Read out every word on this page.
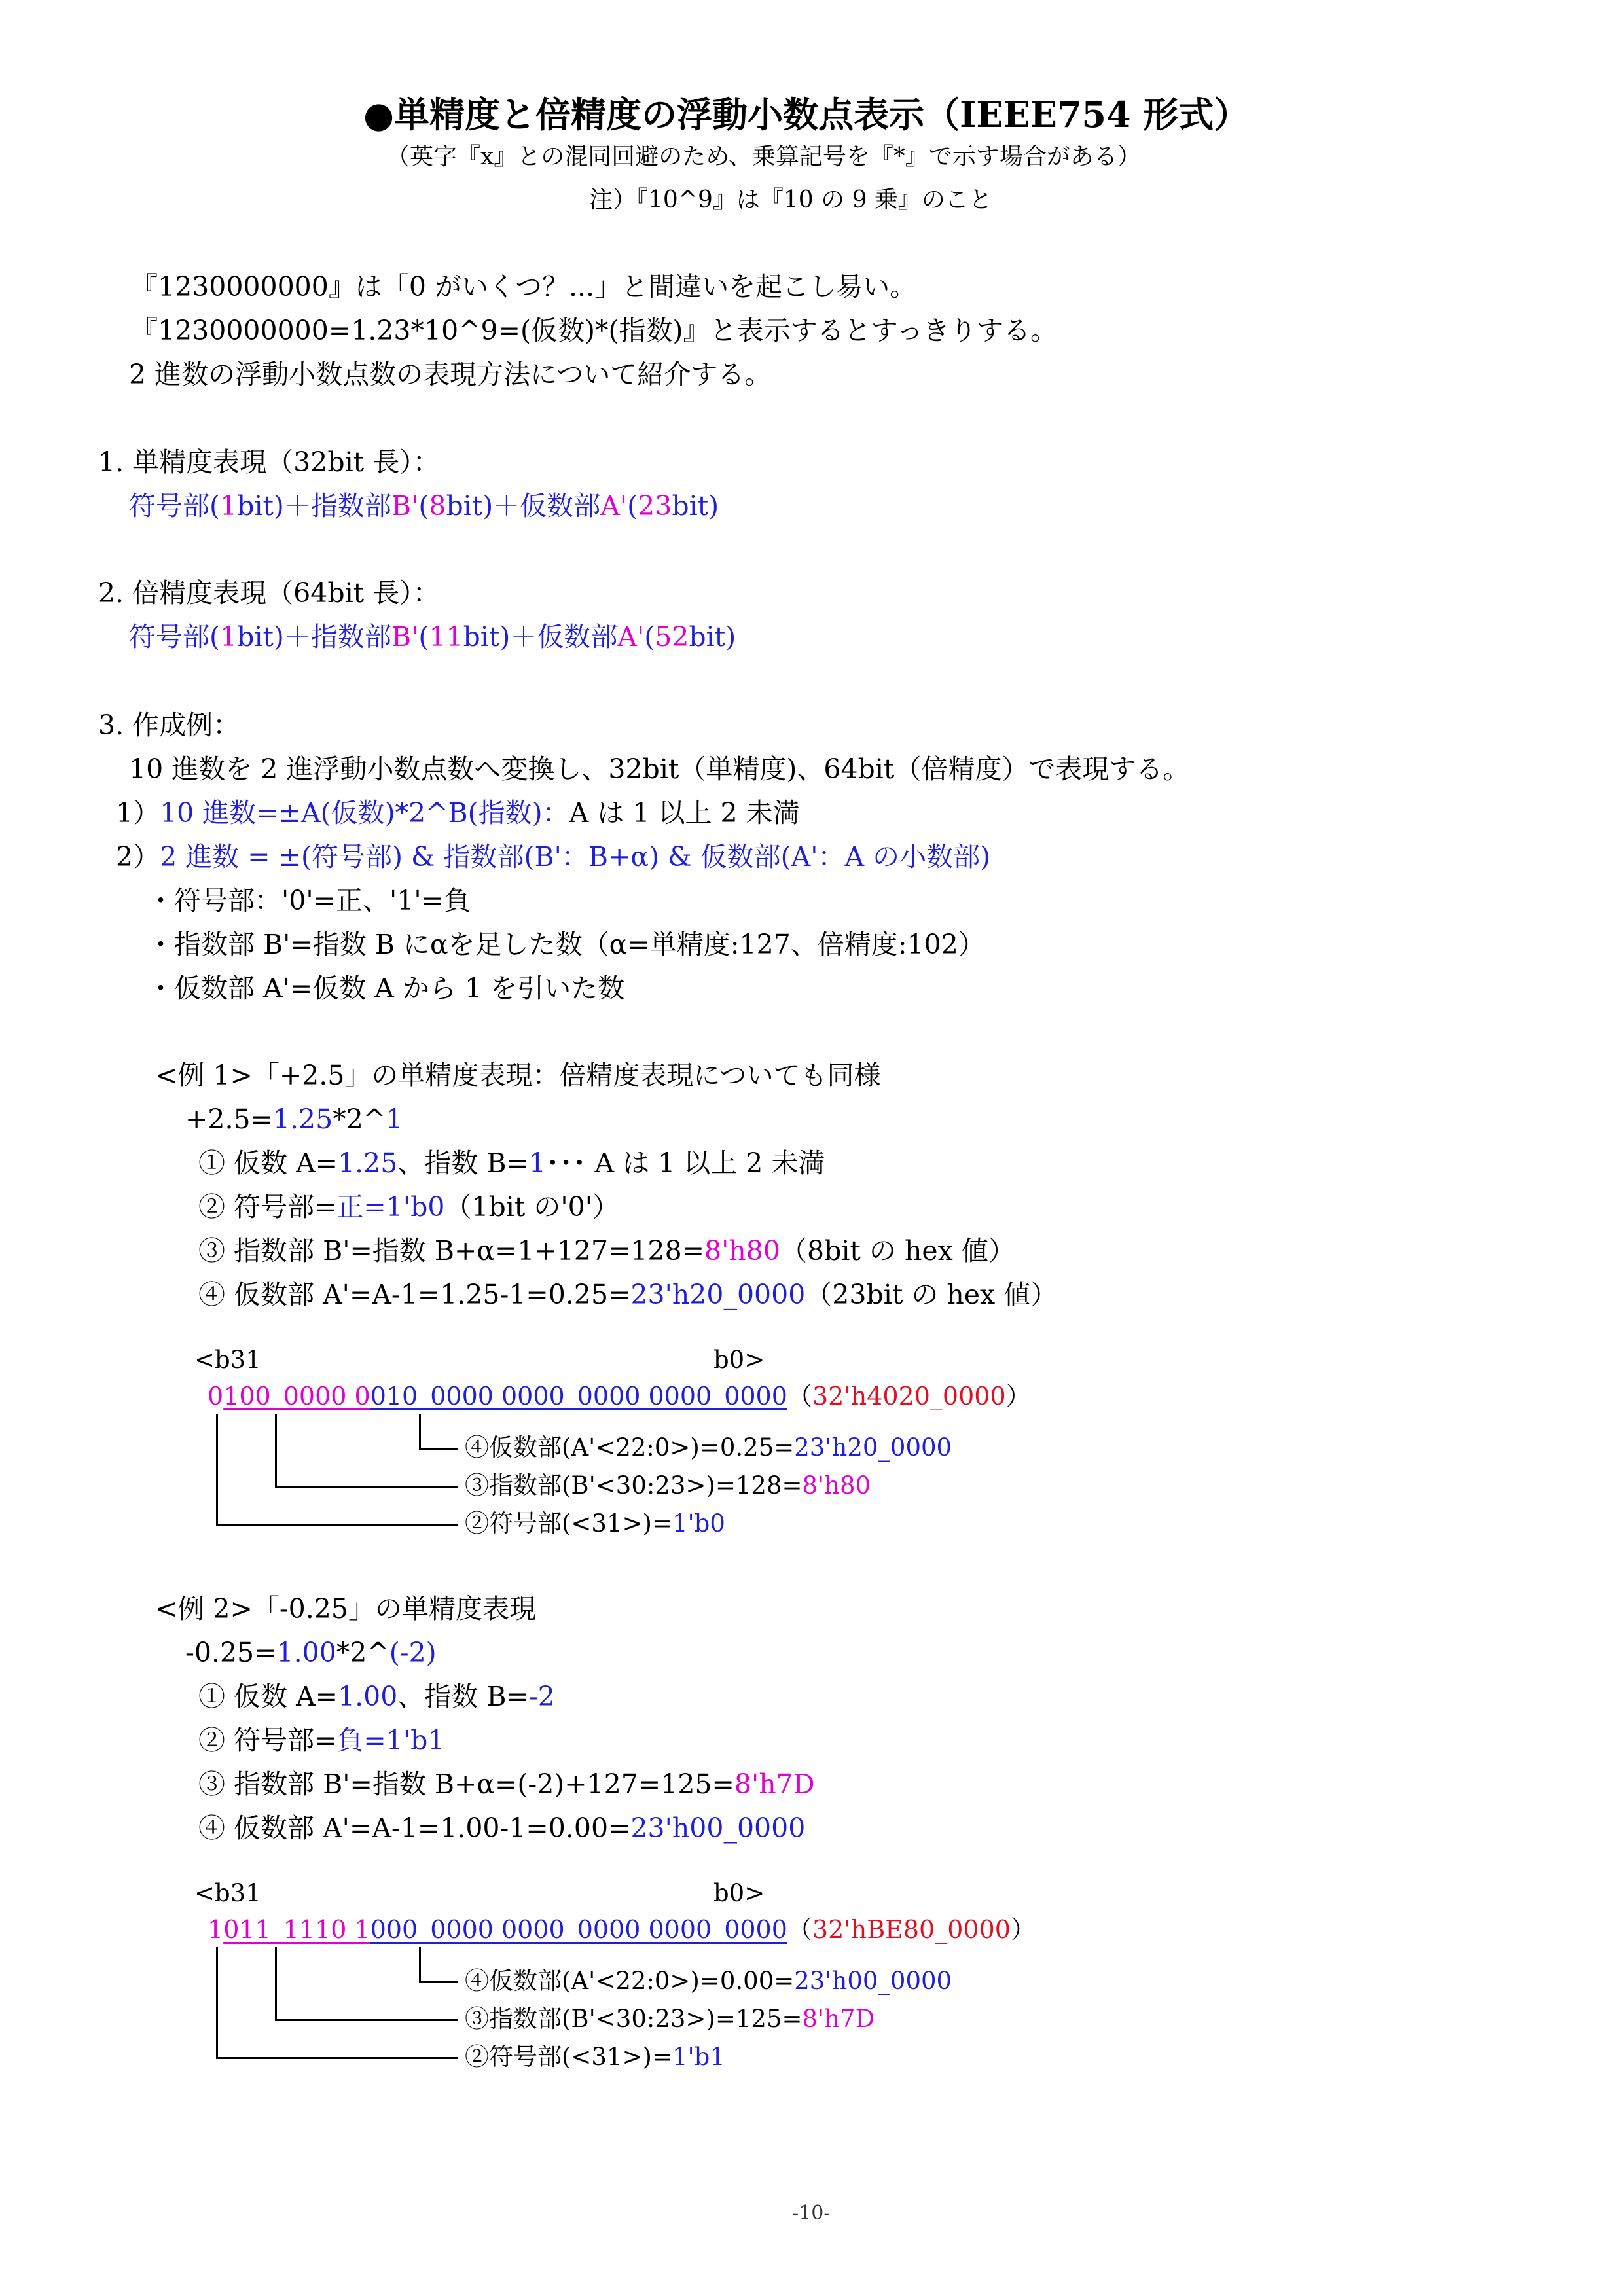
●単精度と倍精度の浮動小数点表示（IEEE754 形式）
（英字『x』との混同回避のため、乗算記号を『*』で示す場合がある）
注）『10^9』は『10 の 9 乗』のこと
『1230000000』は「0 がいくつ？...」と間違いを起こし易い。
『1230000000=1.23*10^9=(仮数)*(指数)』と表示するとすっきりする。
2 進数の浮動小数点数の表現方法について紹介する。
1. 単精度表現（32bit 長）：
符号部(1bit)＋指数部B'(8bit)＋仮数部A'(23bit)
2. 倍精度表現（64bit 長）：
符号部(1bit)＋指数部B'(11bit)＋仮数部A'(52bit)
3. 作成例：
10 進数を 2 進浮動小数点数へ変換し、32bit（単精度)、64bit（倍精度）で表現する。
1）10 進数=±A(仮数)*2^B(指数)：A は 1 以上 2 未満
2）2 進数 = ±(符号部) & 指数部(B'：B+α) & 仮数部(A'：A の小数部)
・符号部：'0'=正、'1'=負
・指数部 B'=指数 B にαを足した数（α=単精度:127、倍精度:102）
・仮数部 A'=仮数 A から 1 を引いた数
<例 1>「+2.5」の単精度表現：倍精度表現についても同様
+2.5=1.25*2^1
① 仮数 A=1.25、指数 B=1･･･ A は 1 以上 2 未満
② 符号部=正=1'b0（1bit の'0'）
③ 指数部 B'=指数 B+α=1+127=128=8'h80（8bit の hex 値）
④ 仮数部 A'=A-1=1.25-1=0.25=23'h20_0000（23bit の hex 値）
<b31	b0>
0100_0000 0010_0000 0000_0000 0000_0000（32'h4020_0000）
④仮数部(A'<22:0>)=0.25=23'h20_0000
③指数部(B'<30:23>)=128=8'h80
②符号部(<31>)=1'b0
<例 2>「-0.25」の単精度表現
-0.25=1.00*2^(-2)
① 仮数 A=1.00、指数 B=-2
② 符号部=負=1'b1
③ 指数部 B'=指数 B+α=(-2)+127=125=8'h7D
④ 仮数部 A'=A-1=1.00-1=0.00=23'h00_0000
<b31	b0>
1011_1110 1000_0000 0000_0000 0000_0000（32'hBE80_0000）
④仮数部(A'<22:0>)=0.00=23'h00_0000
③指数部(B'<30:23>)=125=8'h7D
②符号部(<31>)=1'b1
-10-
